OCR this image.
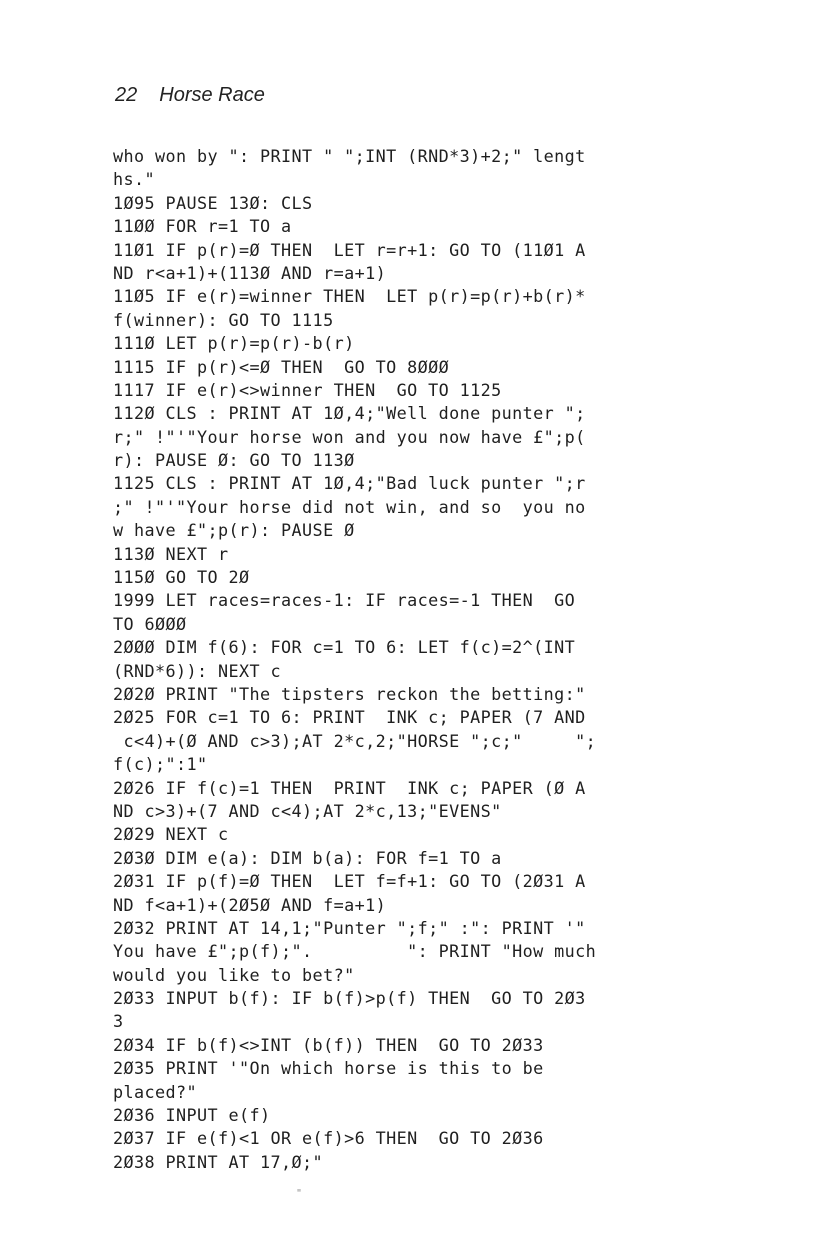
22 Horse Race
who won by ": PRINT " ";INT (RND*3)+2;" lengt
hs."
1Ø95 PAUSE 13Ø: CLS
11ØØ FOR r=1 TO a
11Ø1 IF p(r)=Ø THEN  LET r=r+1: GO TO (11Ø1 A
ND r<a+1)+(113Ø AND r=a+1)
11Ø5 IF e(r)=winner THEN  LET p(r)=p(r)+b(r)*
f(winner): GO TO 1115
111Ø LET p(r)=p(r)-b(r)
1115 IF p(r)<=Ø THEN  GO TO 8ØØØ
1117 IF e(r)<>winner THEN  GO TO 1125
112Ø CLS : PRINT AT 1Ø,4;"Well done punter ";
r;" !"'"Your horse won and you now have £";p(
r): PAUSE Ø: GO TO 113Ø
1125 CLS : PRINT AT 1Ø,4;"Bad luck punter ";r
;" !"'"Your horse did not win, and so  you no
w have £";p(r): PAUSE Ø
113Ø NEXT r
115Ø GO TO 2Ø
1999 LET races=races-1: IF races=-1 THEN  GO
TO 6ØØØ
2ØØØ DIM f(6): FOR c=1 TO 6: LET f(c)=2^(INT
(RND*6)): NEXT c
2Ø2Ø PRINT "The tipsters reckon the betting:"
2Ø25 FOR c=1 TO 6: PRINT  INK c; PAPER (7 AND
c<4)+(Ø AND c>3);AT 2*c,2;"HORSE ";c;"     ";
f(c);":1"
2Ø26 IF f(c)=1 THEN  PRINT  INK c; PAPER (Ø A
ND c>3)+(7 AND c<4);AT 2*c,13;"EVENS"
2Ø29 NEXT c
2Ø3Ø DIM e(a): DIM b(a): FOR f=1 TO a
2Ø31 IF p(f)=Ø THEN  LET f=f+1: GO TO (2Ø31 A
ND f<a+1)+(2Ø5Ø AND f=a+1)
2Ø32 PRINT AT 14,1;"Punter ";f;" :": PRINT '"
You have £";p(f);".         ": PRINT "How much
would you like to bet?"
2Ø33 INPUT b(f): IF b(f)>p(f) THEN  GO TO 2Ø3
3
2Ø34 IF b(f)<>INT (b(f)) THEN  GO TO 2Ø33
2Ø35 PRINT '"On which horse is this to be
placed?"
2Ø36 INPUT e(f)
2Ø37 IF e(f)<1 OR e(f)>6 THEN  GO TO 2Ø36
2Ø38 PRINT AT 17,Ø;"
"
